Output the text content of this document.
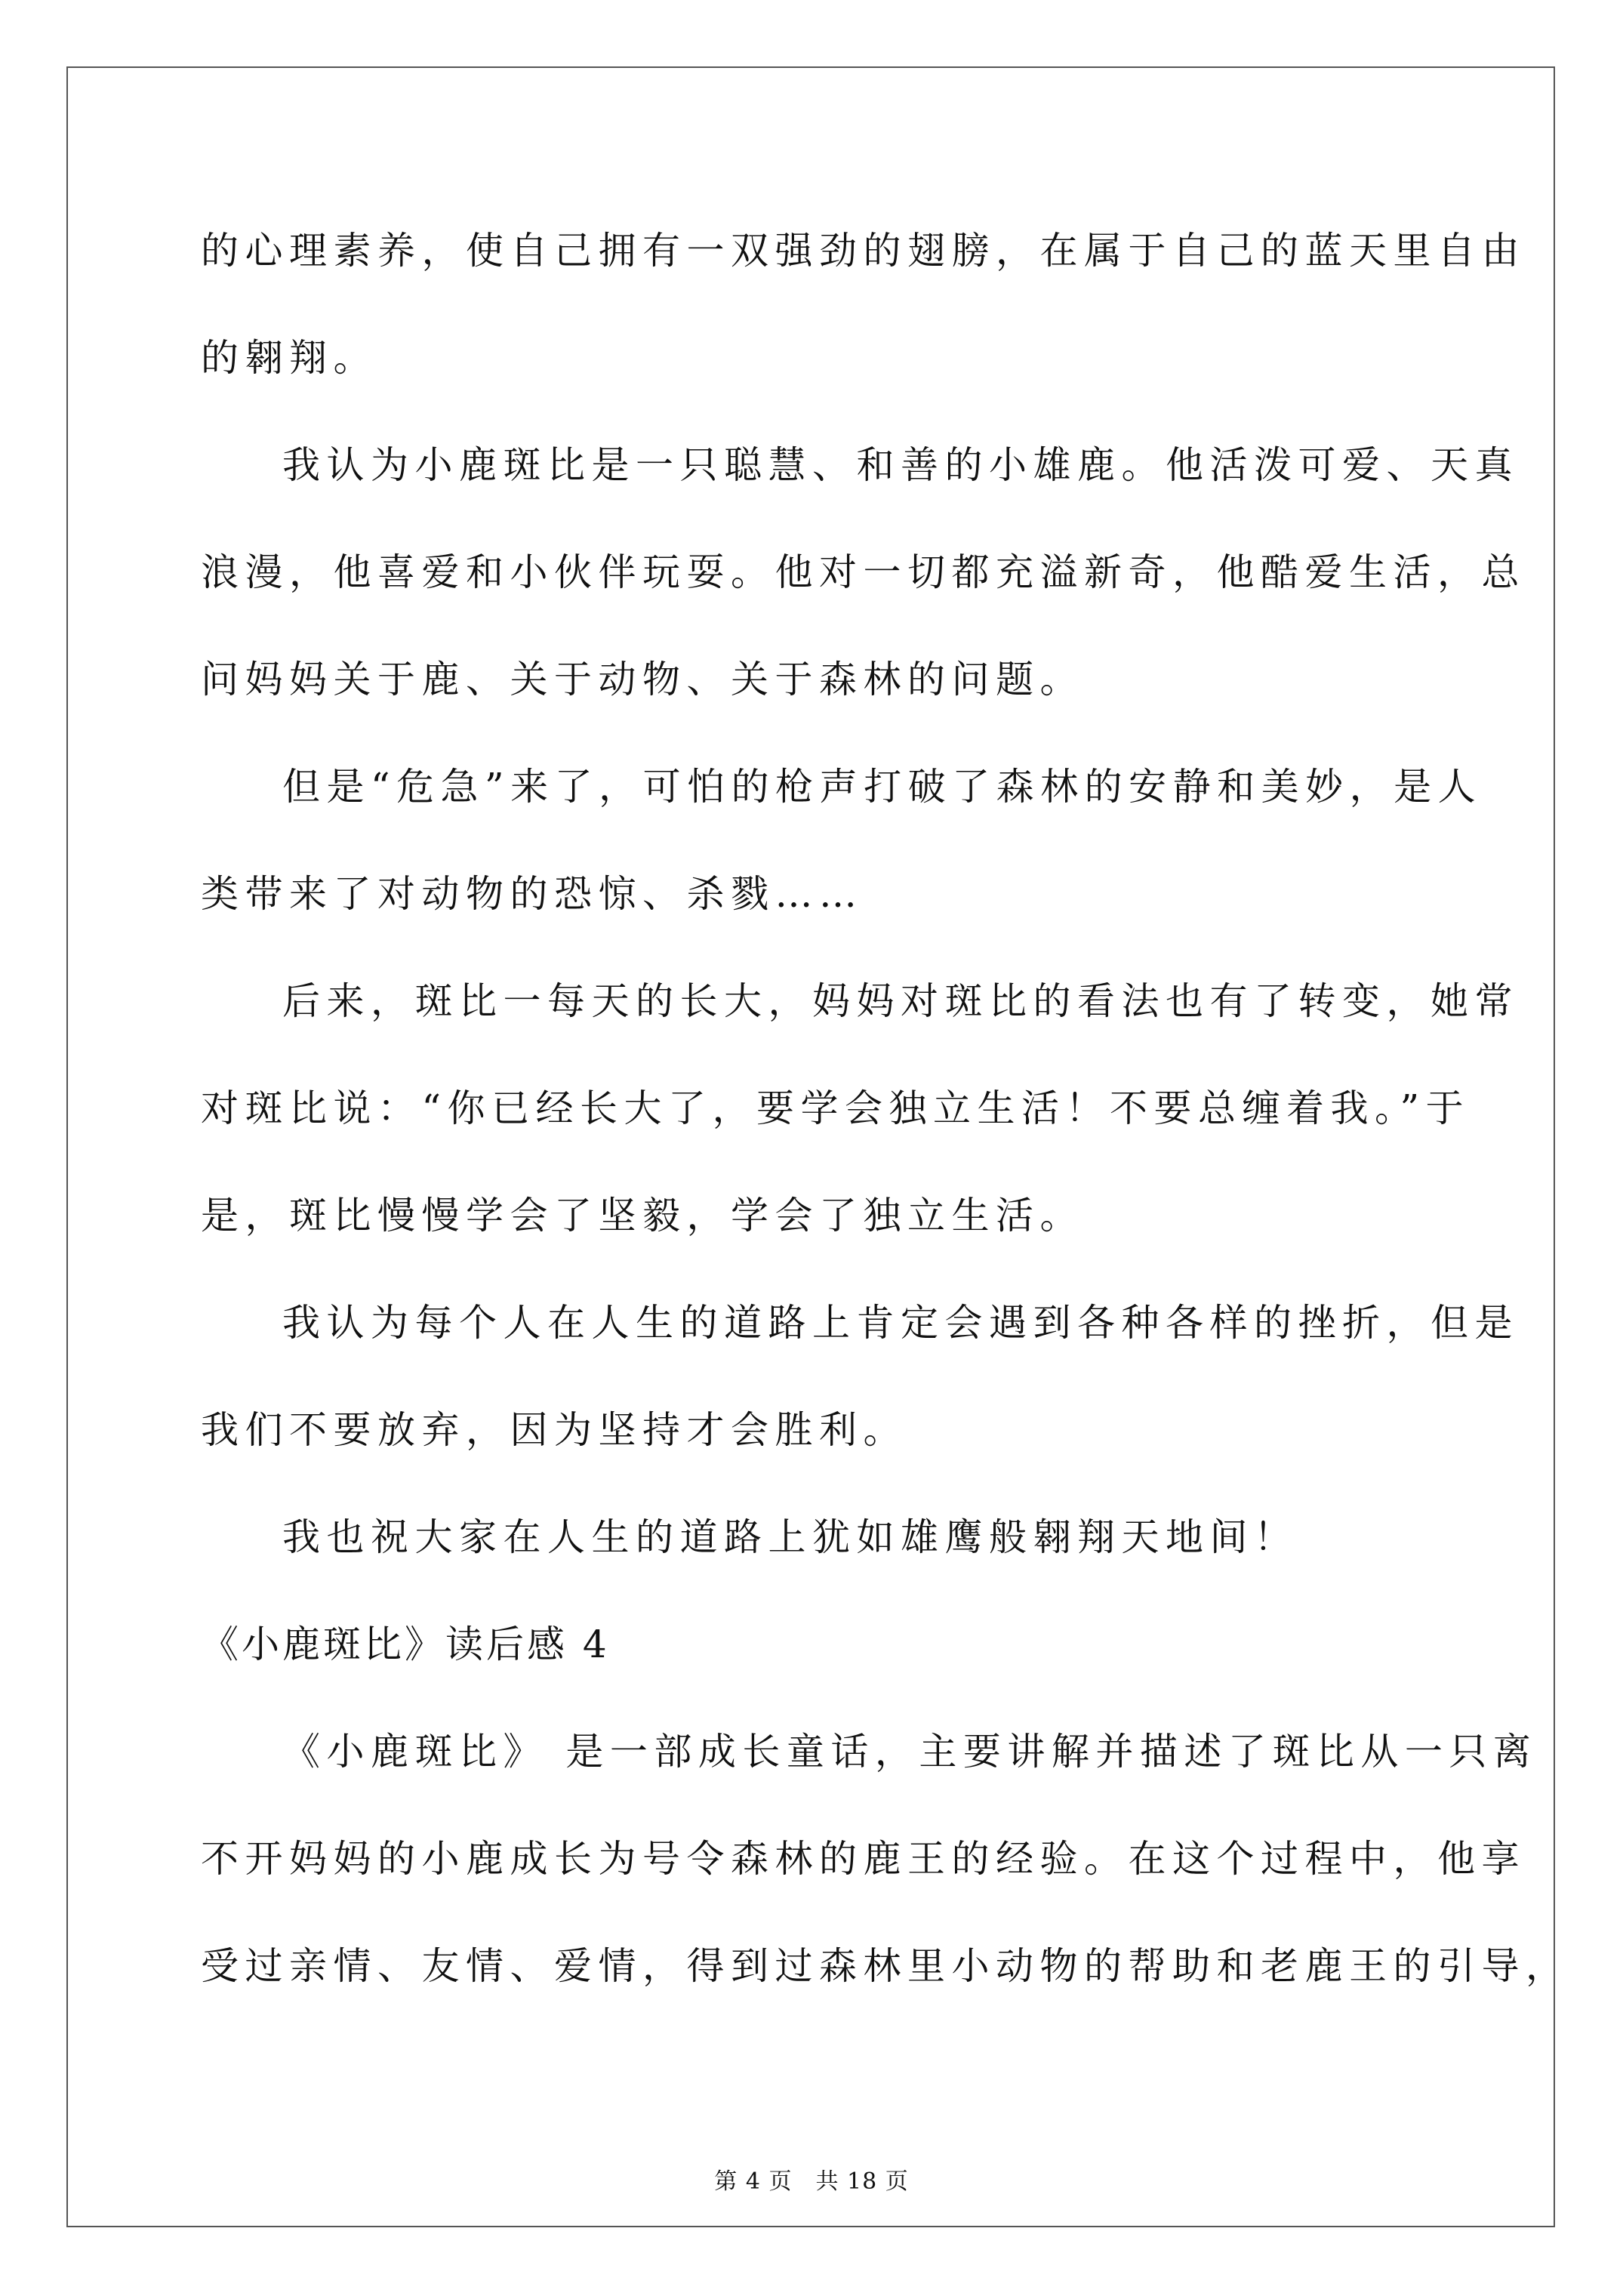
的心理素养，使自己拥有一双强劲的翅膀，在属于自己的蓝天里自由
的翱翔。
我认为小鹿斑比是一只聪慧、和善的小雄鹿。他活泼可爱、天真
浪漫，他喜爱和小伙伴玩耍。他对一切都充溢新奇，他酷爱生活，总
问妈妈关于鹿、关于动物、关于森林的问题。
但是“危急”来了，可怕的枪声打破了森林的安静和美妙，是人
类带来了对动物的恐惊、杀戮……
后来，斑比一每天的长大，妈妈对斑比的看法也有了转变，她常
对斑比说：“你已经长大了，要学会独立生活！不要总缠着我。”于
是，斑比慢慢学会了坚毅，学会了独立生活。
我认为每个人在人生的道路上肯定会遇到各种各样的挫折，但是
我们不要放弃，因为坚持才会胜利。
我也祝大家在人生的道路上犹如雄鹰般翱翔天地间！
《小鹿斑比》读后感 4
《小鹿斑比》 是一部成长童话，主要讲解并描述了斑比从一只离
不开妈妈的小鹿成长为号令森林的鹿王的经验。在这个过程中，他享
受过亲情、友情、爱情，得到过森林里小动物的帮助和老鹿王的引导，
第 4 页　共 18 页
